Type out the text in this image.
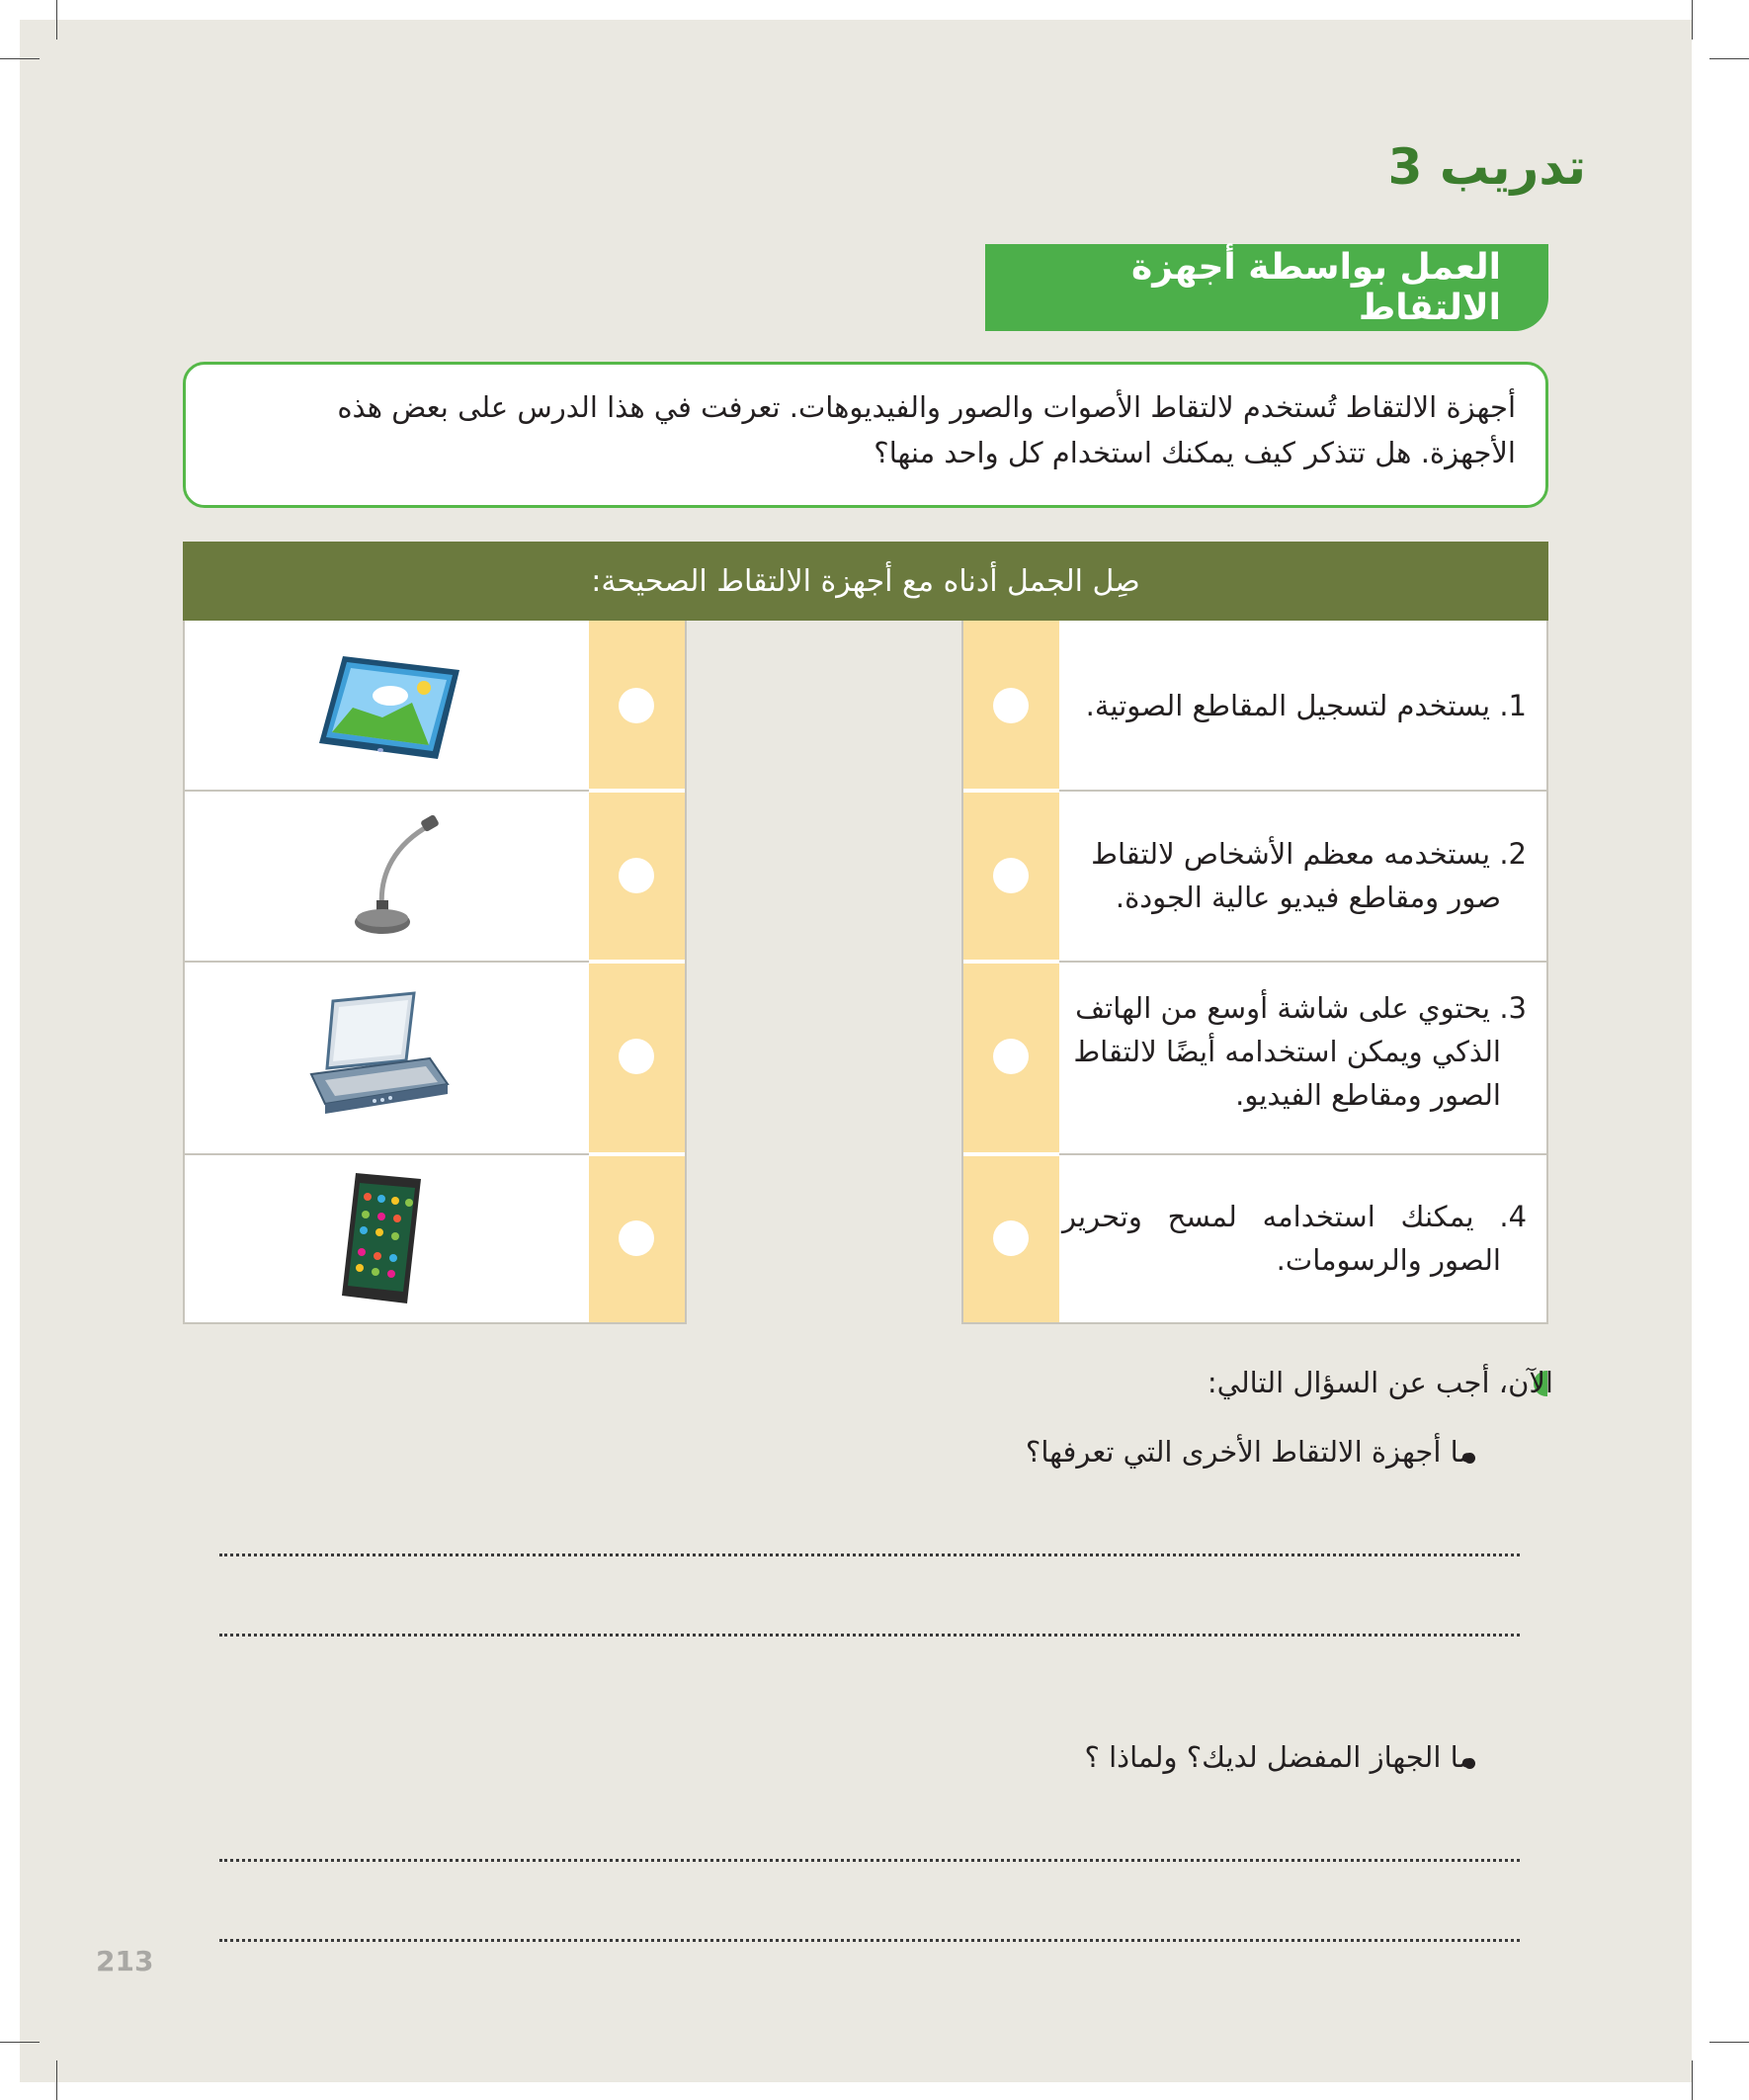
تدريب 3
العمل بواسطة أجهزة الالتقاط
أجهزة الالتقاط تُستخدم لالتقاط الأصوات والصور والفيديوهات. تعرفت في هذا الدرس على بعض هذه
الأجهزة. هل تتذكر كيف يمكنك استخدام كل واحد منها؟
صِل الجمل أدناه مع أجهزة الالتقاط الصحيحة:
1. يستخدم لتسجيل المقاطع الصوتية.
2. يستخدمه معظم الأشخاص لالتقاط
صور ومقاطع فيديو عالية الجودة.
3. يحتوي على شاشة أوسع من الهاتف
الذكي ويمكن استخدامه أيضًا لالتقاط
الصور ومقاطع الفيديو.
4. يمكنك استخدامه لمسح وتحرير
الصور والرسومات.
الآن، أجب عن السؤال التالي:
ما أجهزة الالتقاط الأخرى التي تعرفها؟
ما الجهاز المفضل لديك؟ ولماذا ؟
213
